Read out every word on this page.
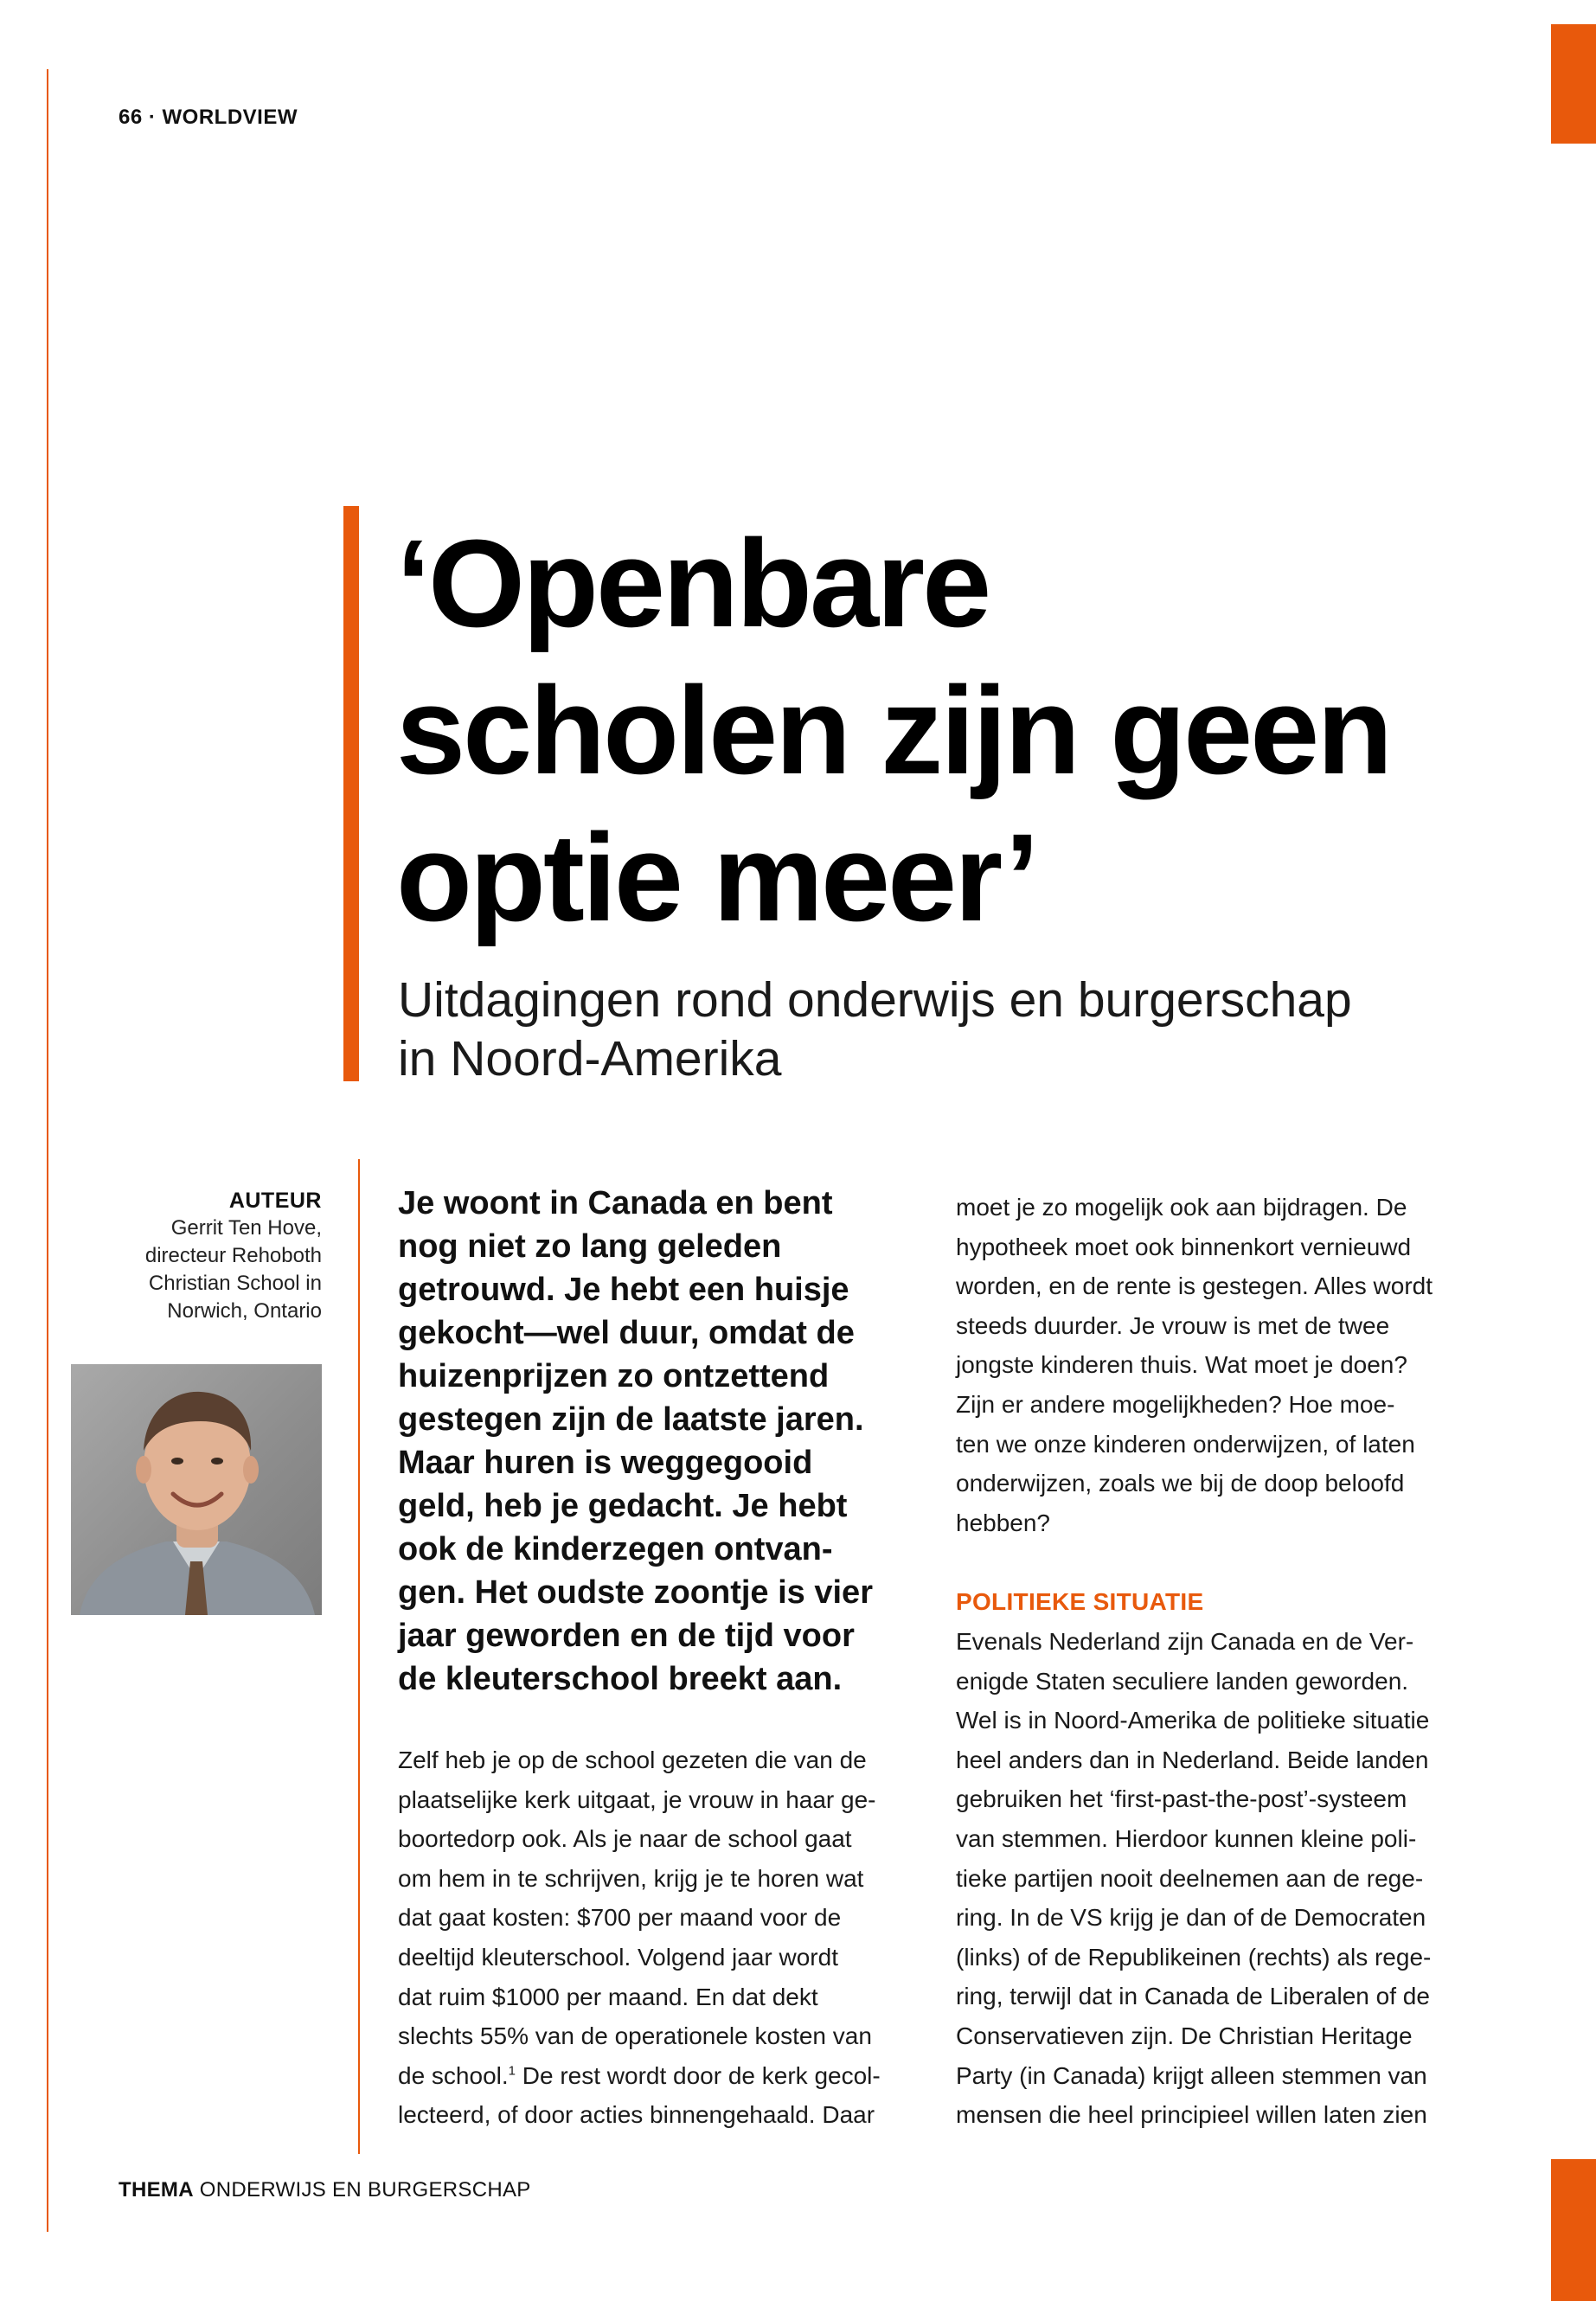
66 · WORLDVIEW
‘Openbare
scholen zijn geen
optie meer’
Uitdagingen rond onderwijs en burgerschap
in Noord-Amerika
AUTEUR
Gerrit Ten Hove,
directeur Rehoboth
Christian School in
Norwich, Ontario
Je woont in Canada en bent
nog niet zo lang geleden
getrouwd. Je hebt een huisje
gekocht—wel duur, omdat de
huizenprijzen zo ontzettend
gestegen zijn de laatste jaren.
Maar huren is weggegooid
geld, heb je gedacht. Je hebt
ook de kinderzegen ontvan-
gen. Het oudste zoontje is vier
jaar geworden en de tijd voor
de kleuterschool breekt aan.
Zelf heb je op de school gezeten die van de
plaatselijke kerk uitgaat, je vrouw in haar ge-
boortedorp ook. Als je naar de school gaat
om hem in te schrijven, krijg je te horen wat
dat gaat kosten: $700 per maand voor de
deeltijd kleuterschool. Volgend jaar wordt
dat ruim $1000 per maand. En dat dekt
slechts 55% van de operationele kosten van
de school.$^1$ De rest wordt door de kerk gecol-
lecteerd, of door acties binnengehaald. Daar
moet je zo mogelijk ook aan bijdragen. De
hypotheek moet ook binnenkort vernieuwd
worden, en de rente is gestegen. Alles wordt
steeds duurder. Je vrouw is met de twee
jongste kinderen thuis. Wat moet je doen?
Zijn er andere mogelijkheden? Hoe moe-
ten we onze kinderen onderwijzen, of laten
onderwijzen, zoals we bij de doop beloofd
hebben?
POLITIEKE SITUATIE
Evenals Nederland zijn Canada en de Ver-
enigde Staten seculiere landen geworden.
Wel is in Noord-Amerika de politieke situatie
heel anders dan in Nederland. Beide landen
gebruiken het ‘first-past-the-post’-systeem
van stemmen. Hierdoor kunnen kleine poli-
tieke partijen nooit deelnemen aan de rege-
ring. In de VS krijg je dan of de Democraten
(links) of de Republikeinen (rechts) als rege-
ring, terwijl dat in Canada de Liberalen of de
Conservatieven zijn. De Christian Heritage
Party (in Canada) krijgt alleen stemmen van
mensen die heel principieel willen laten zien
THEMA ONDERWIJS EN BURGERSCHAP
